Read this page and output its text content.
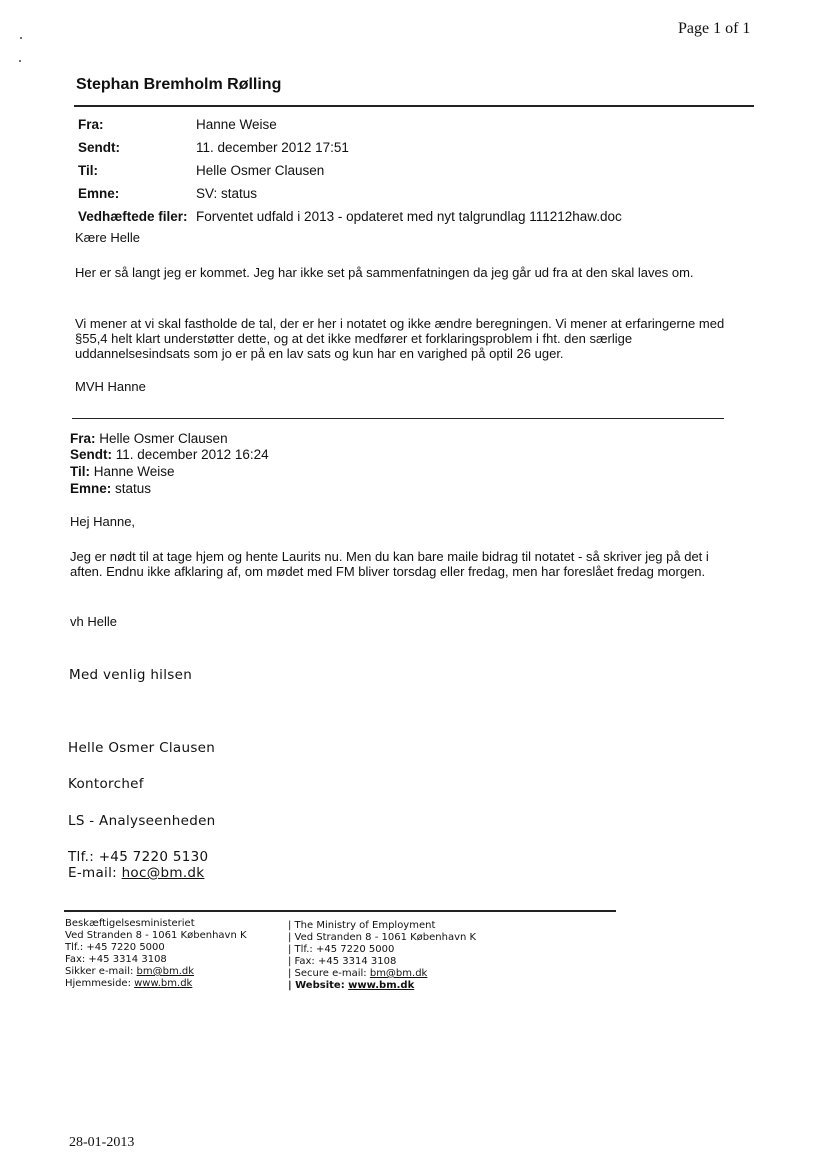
Page 1 of 1
Stephan Bremholm Rølling
Fra:	Hanne Weise
Sendt:	11. december 2012 17:51
Til:	Helle Osmer Clausen
Emne:	SV: status
Vedhæftede filer: Forventet udfald i 2013 - opdateret med nyt talgrundlag 111212haw.doc
Kære Helle
Her er så langt jeg er kommet. Jeg har ikke set på sammenfatningen da jeg går ud fra at den skal laves om.
Vi mener at vi skal fastholde de tal, der er her i notatet og ikke ændre beregningen. Vi mener at erfaringerne med §55,4 helt klart understøtter dette, og at det ikke medfører et forklaringsproblem i fht. den særlige uddannelsesindsats som jo er på en lav sats og kun har en varighed på optil 26 uger.
MVH Hanne
Fra: Helle Osmer Clausen
Sendt: 11. december 2012 16:24
Til: Hanne Weise
Emne: status
Hej Hanne,
Jeg er nødt til at tage hjem og hente Laurits nu. Men du kan bare maile bidrag til notatet - så skriver jeg på det i aften. Endnu ikke afklaring af, om mødet med FM bliver torsdag eller fredag, men har foreslået fredag morgen.
vh Helle
Med venlig hilsen
Helle Osmer Clausen
Kontorchef
LS - Analyseenheden
Tlf.: +45 7220 5130
E-mail: hoc@bm.dk
Beskæftigelsesministeriet
Ved Stranden 8 - 1061 København K
Tlf.: +45 7220 5000
Fax: +45 3314 3108
Sikker e-mail: bm@bm.dk
Hjemmeside: www.bm.dk
| The Ministry of Employment
| Ved Stranden 8 - 1061 København K
| Tlf.: +45 7220 5000
| Fax: +45 3314 3108
| Secure e-mail: bm@bm.dk
| Website: www.bm.dk
28-01-2013
